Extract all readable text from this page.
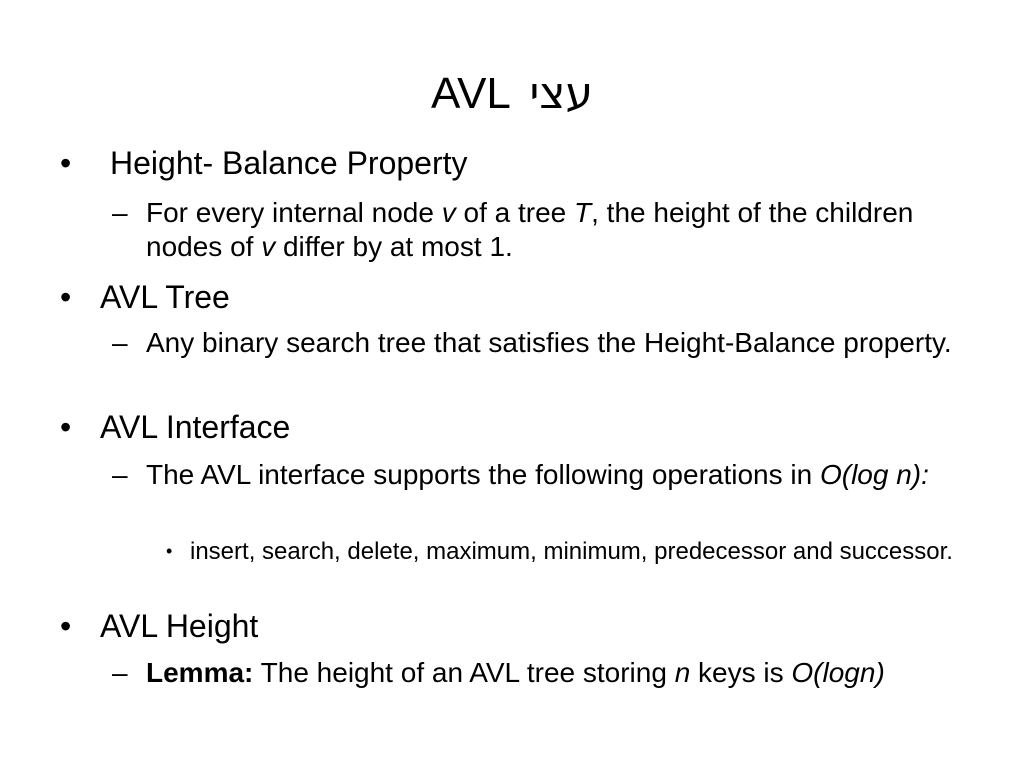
AVL עצי
• Height- Balance Property
– For every internal node v of a tree T, the height of the children nodes of v differ by at most 1.
• AVL Tree
– Any binary search tree that satisfies the Height-Balance property.
• AVL Interface
– The AVL interface supports the following operations in O(log n):
• insert, search, delete, maximum, minimum, predecessor and successor.
• AVL Height
– Lemma: The height of an AVL tree storing n keys is O(logn)
